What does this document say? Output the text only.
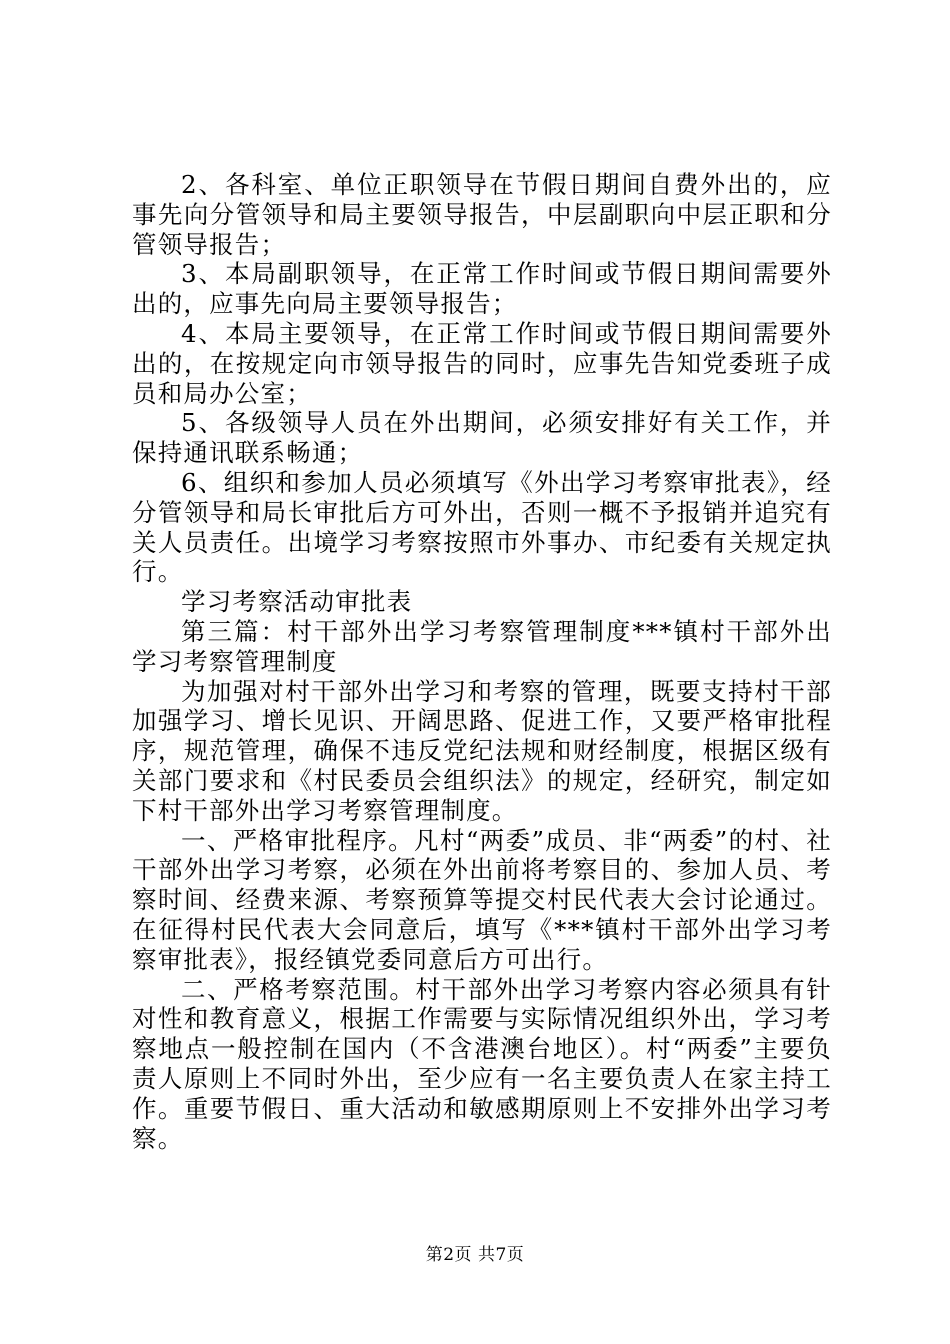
2、各科室、单位正职领导在节假日期间自费外出的，应事先向分管领导和局主要领导报告，中层副职向中层正职和分管领导报告；

3、本局副职领导，在正常工作时间或节假日期间需要外出的，应事先向局主要领导报告；

4、本局主要领导，在正常工作时间或节假日期间需要外出的，在按规定向市领导报告的同时，应事先告知党委班子成员和局办公室；

5、各级领导人员在外出期间，必须安排好有关工作，并保持通讯联系畅通；

6、组织和参加人员必须填写《外出学习考察审批表》，经分管领导和局长审批后方可外出，否则一概不予报销并追究有关人员责任。出境学习考察按照市外事办、市纪委有关规定执行。

学习考察活动审批表

第三篇：村干部外出学习考察管理制度***镇村干部外出学习考察管理制度

为加强对村干部外出学习和考察的管理，既要支持村干部加强学习、增长见识、开阔思路、促进工作，又要严格审批程序，规范管理，确保不违反党纪法规和财经制度，根据区级有关部门要求和《村民委员会组织法》的规定，经研究，制定如下村干部外出学习考察管理制度。

一、严格审批程序。凡村“两委”成员、非“两委”的村、社干部外出学习考察，必须在外出前将考察目的、参加人员、考察时间、经费来源、考察预算等提交村民代表大会讨论通过。在征得村民代表大会同意后，填写《***镇村干部外出学习考察审批表》，报经镇党委同意后方可出行。

二、严格考察范围。村干部外出学习考察内容必须具有针对性和教育意义，根据工作需要与实际情况组织外出，学习考察地点一般控制在国内（不含港澳台地区）。村“两委”主要负责人原则上不同时外出，至少应有一名主要负责人在家主持工作。重要节假日、重大活动和敏感期原则上不安排外出学习考察。

第2页 共7页
